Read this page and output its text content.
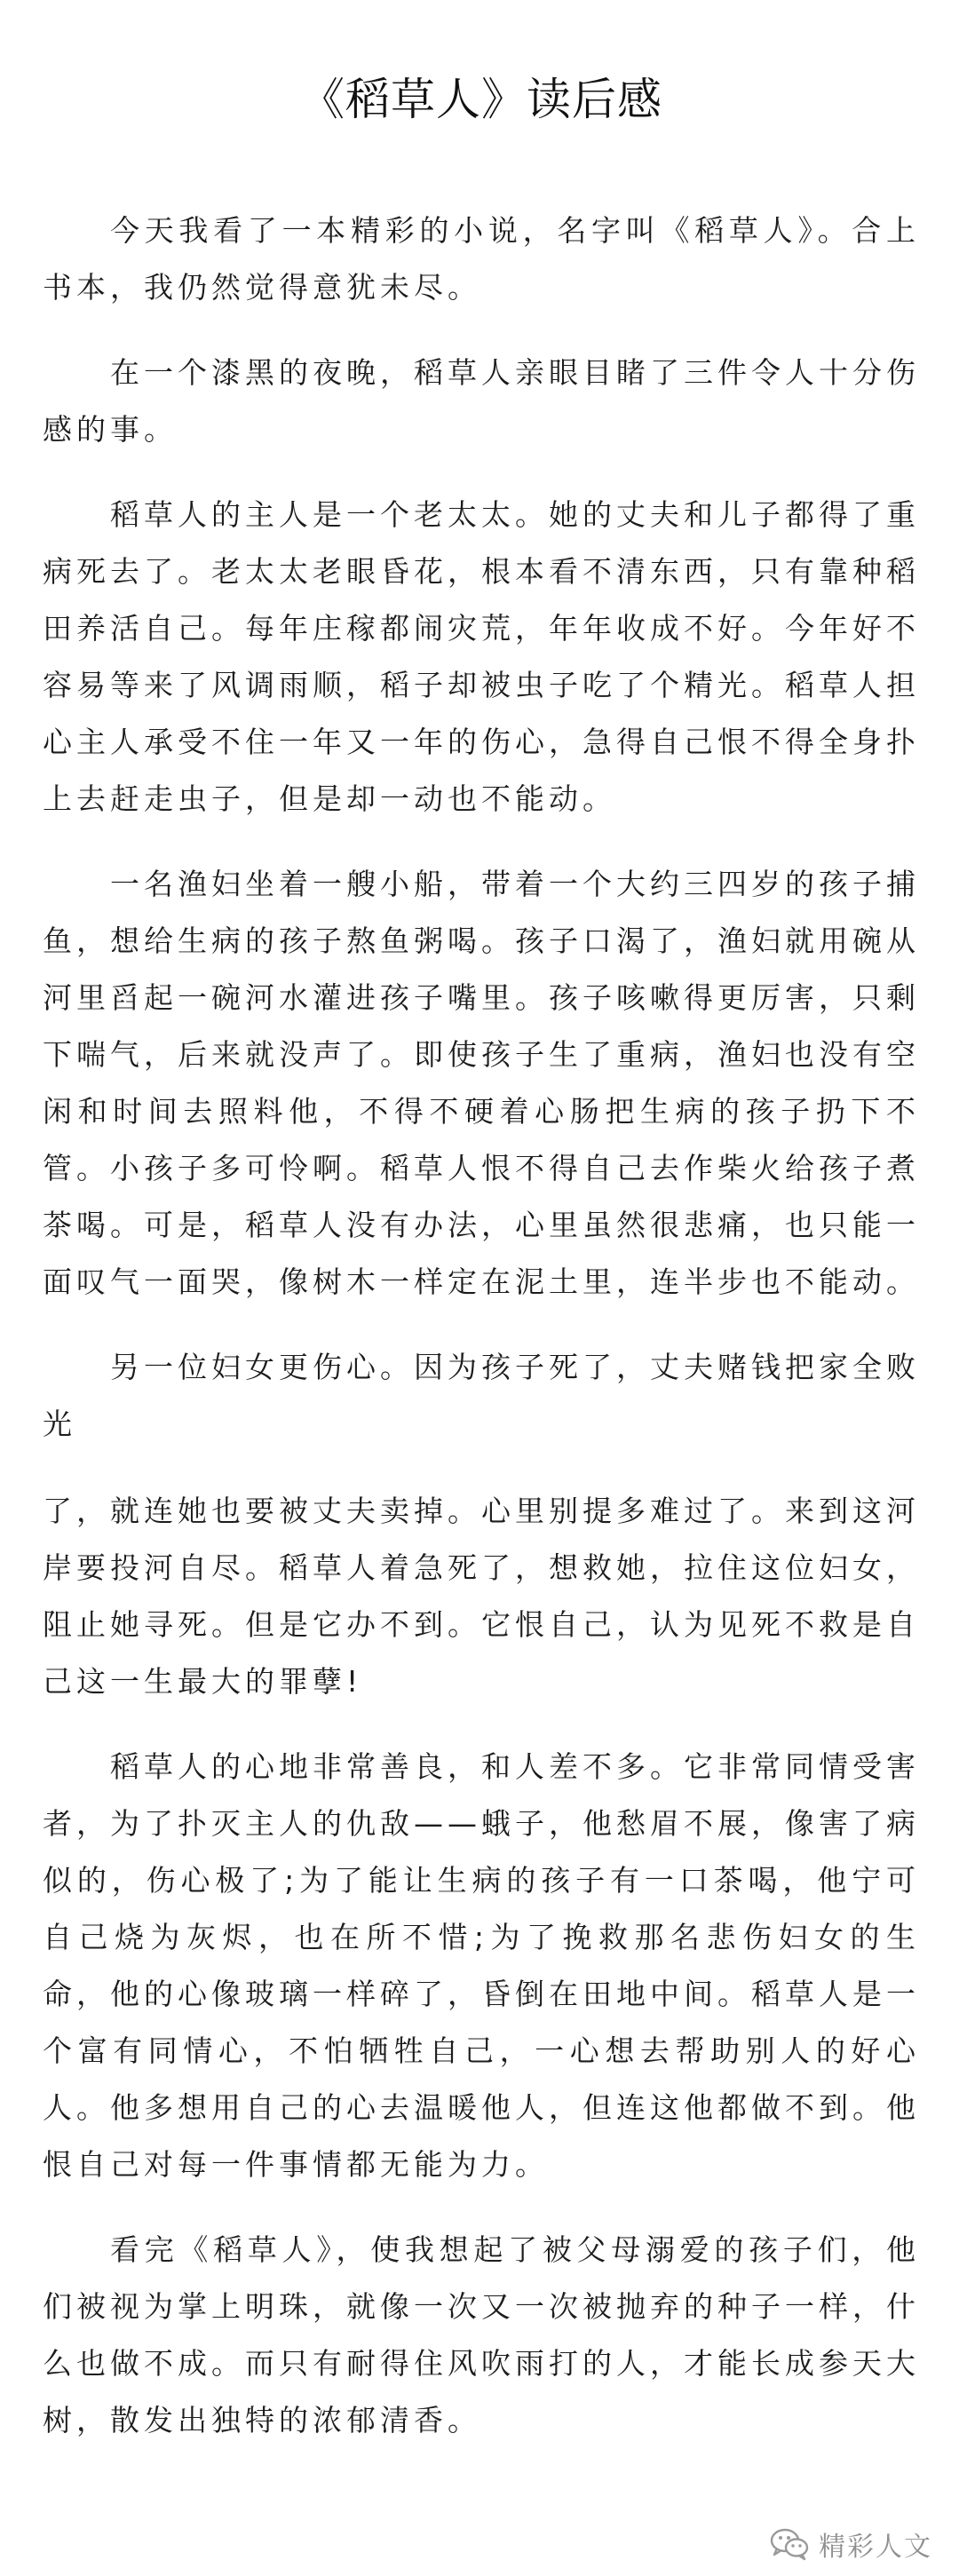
《稻草人》读后感

今天我看了一本精彩的小说，名字叫《稻草人》。合上书本，我仍然觉得意犹未尽。

在一个漆黑的夜晚，稻草人亲眼目睹了三件令人十分伤感的事。

稻草人的主人是一个老太太。她的丈夫和儿子都得了重病死去了。老太太老眼昏花，根本看不清东西，只有靠种稻田养活自己。每年庄稼都闹灾荒，年年收成不好。今年好不容易等来了风调雨顺，稻子却被虫子吃了个精光。稻草人担心主人承受不住一年又一年的伤心，急得自己恨不得全身扑上去赶走虫子，但是却一动也不能动。

一名渔妇坐着一艘小船，带着一个大约三四岁的孩子捕鱼，想给生病的孩子熬鱼粥喝。孩子口渴了，渔妇就用碗从河里舀起一碗河水灌进孩子嘴里。孩子咳嗽得更厉害，只剩下喘气，后来就没声了。即使孩子生了重病，渔妇也没有空闲和时间去照料他，不得不硬着心肠把生病的孩子扔下不管。小孩子多可怜啊。稻草人恨不得自己去作柴火给孩子煮茶喝。可是，稻草人没有办法，心里虽然很悲痛，也只能一面叹气一面哭，像树木一样定在泥土里，连半步也不能动。

另一位妇女更伤心。因为孩子死了，丈夫赌钱把家全败光

了，就连她也要被丈夫卖掉。心里别提多难过了。来到这河岸要投河自尽。稻草人着急死了，想救她，拉住这位妇女，阻止她寻死。但是它办不到。它恨自己，认为见死不救是自己这一生最大的罪孽!

稻草人的心地非常善良，和人差不多。它非常同情受害者，为了扑灭主人的仇敌——蛾子，他愁眉不展，像害了病似的，伤心极了;为了能让生病的孩子有一口茶喝，他宁可自己烧为灰烬，也在所不惜;为了挽救那名悲伤妇女的生命，他的心像玻璃一样碎了，昏倒在田地中间。稻草人是一个富有同情心，不怕牺牲自己，一心想去帮助别人的好心人。他多想用自己的心去温暖他人，但连这他都做不到。他恨自己对每一件事情都无能为力。

看完《稻草人》，使我想起了被父母溺爱的孩子们，他们被视为掌上明珠，就像一次又一次被抛弃的种子一样，什么也做不成。而只有耐得住风吹雨打的人，才能长成参天大树，散发出独特的浓郁清香。

精彩人文
